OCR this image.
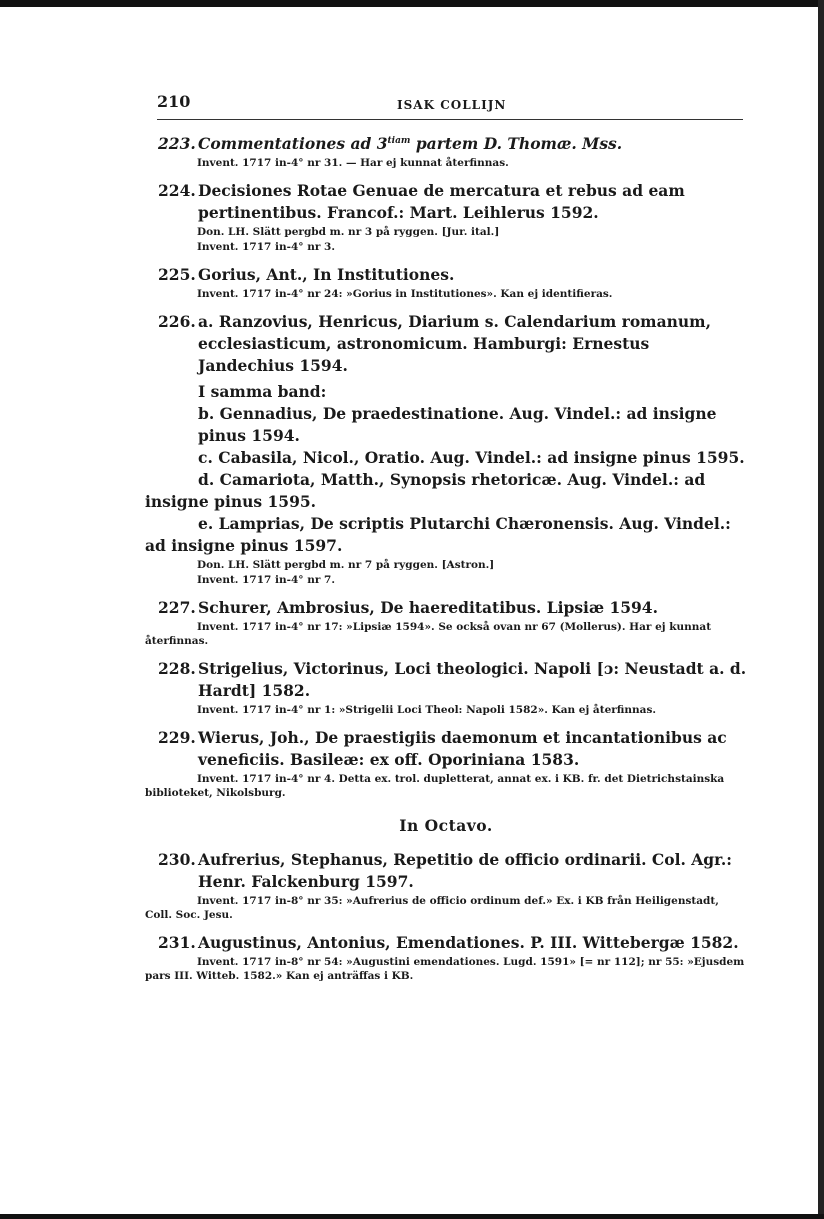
210	ISAK COLLIJN
223. Commentationes ad $3^{tiam}$ partem D. Thomæ. Mss.
Invent. 1717 in-4° nr 31. — Har ej kunnat återfinnas.
224. Decisiones Rotae Genuae de mercatura et rebus ad eam pertinentibus. Francof.: Mart. Leihlerus 1592.
Don. LH. Slätt pergbd m. nr 3 på ryggen. [Jur. ital.]
Invent. 1717 in-4° nr 3.
225. Gorius, Ant., In Institutiones.
Invent. 1717 in-4° nr 24: »Gorius in Institutiones». Kan ej identifieras.
226. a. Ranzovius, Henricus, Diarium s. Calendarium romanum, ecclesiasticum, astronomicum. Hamburgi: Ernestus Jandechius 1594.
I samma band:
b. Gennadius, De praedestinatione. Aug. Vindel.: ad insigne pinus 1594.
c. Cabasila, Nicol., Oratio. Aug. Vindel.: ad insigne pinus 1595.
d. Camariota, Matth., Synopsis rhetoricæ. Aug. Vindel.: ad insigne pinus 1595.
e. Lamprias, De scriptis Plutarchi Chæronensis. Aug. Vindel.: ad insigne pinus 1597.
Don. LH. Slätt pergbd m. nr 7 på ryggen. [Astron.]
Invent. 1717 in-4° nr 7.
227. Schurer, Ambrosius, De haereditatibus. Lipsiæ 1594.
Invent. 1717 in-4° nr 17: »Lipsiæ 1594». Se också ovan nr 67 (Mollerus). Har ej kunnat återfinnas.
228. Strigelius, Victorinus, Loci theologici. Napoli [ɔ: Neustadt a. d. Hardt] 1582.
Invent. 1717 in-4° nr 1: »Strigelii Loci Theol: Napoli 1582». Kan ej återfinnas.
229. Wierus, Joh., De praestigiis daemonum et incantationibus ac veneficiis. Basileæ: ex off. Oporiniana 1583.
Invent. 1717 in-4° nr 4. Detta ex. trol. dupletterat, annat ex. i KB. fr. det Dietrichstainska biblioteket, Nikolsburg.
In Octavo.
230. Aufrerius, Stephanus, Repetitio de officio ordinarii. Col. Agr.: Henr. Falckenburg 1597.
Invent. 1717 in-8° nr 35: »Aufrerius de officio ordinum def.» Ex. i KB från Heiligenstadt, Coll. Soc. Jesu.
231. Augustinus, Antonius, Emendationes. P. III. Wittebergæ 1582.
Invent. 1717 in-8° nr 54: »Augustini emendationes. Lugd. 1591» [= nr 112]; nr 55: »Ejusdem pars III. Witteb. 1582.» Kan ej anträffas i KB.
